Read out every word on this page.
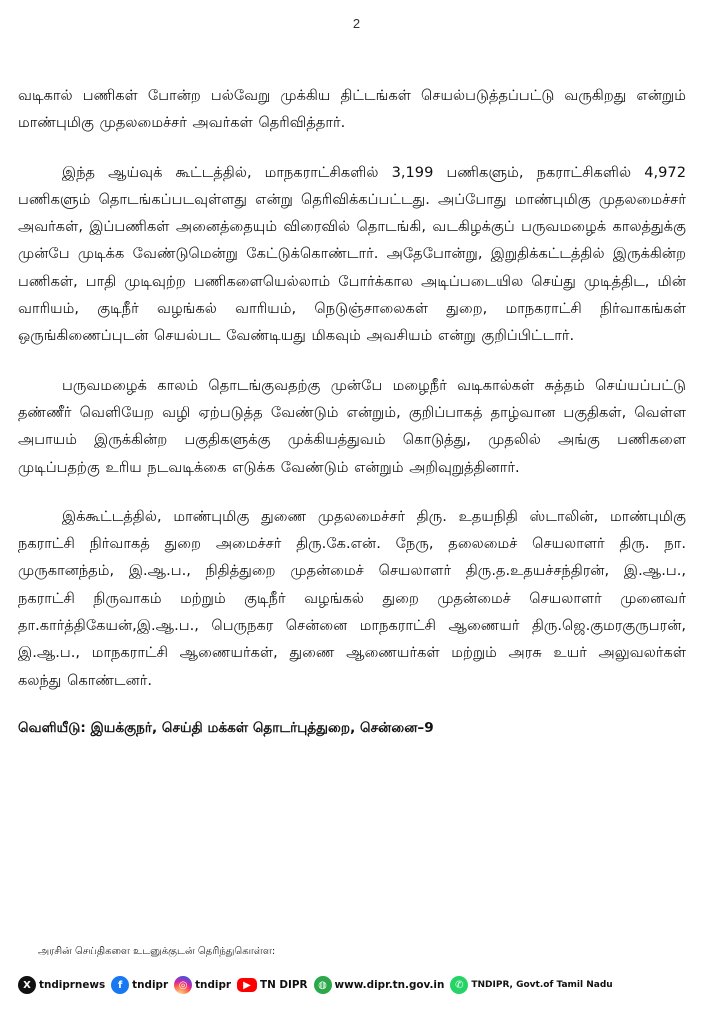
2

வடிகால் பணிகள் போன்ற பல்வேறு முக்கிய திட்டங்கள் செயல்படுத்தப்பட்டு வருகிறது என்றும் மாண்புமிகு முதலமைச்சர் அவர்கள் தெரிவித்தார்.

இந்த ஆய்வுக் கூட்டத்தில், மாநகராட்சிகளில் 3,199 பணிகளும், நகராட்சிகளில் 4,972 பணிகளும் தொடங்கப்படவுள்ளது என்று தெரிவிக்கப்பட்டது. அப்போது மாண்புமிகு முதலமைச்சர் அவர்கள், இப்பணிகள் அனைத்தையும் விரைவில் தொடங்கி, வடகிழக்குப் பருவமழைக் காலத்துக்கு முன்பே முடிக்க வேண்டுமென்று கேட்டுக்கொண்டார். அதேபோன்று, இறுதிக்கட்டத்தில் இருக்கின்ற பணிகள், பாதி முடிவுற்ற பணிகளையெல்லாம் போர்க்கால அடிப்படையில செய்து முடித்திட, மின் வாரியம், குடிநீர் வழங்கல் வாரியம், நெடுஞ்சாலைகள் துறை, மாநகராட்சி நிர்வாகங்கள் ஒருங்கிணைப்புடன் செயல்பட வேண்டியது மிகவும் அவசியம் என்று குறிப்பிட்டார்.

பருவமழைக் காலம் தொடங்குவதற்கு முன்பே மழைநீர் வடிகால்கள் சுத்தம் செய்யப்பட்டு தண்ணீர் வெளியேற வழி ஏற்படுத்த வேண்டும் என்றும், குறிப்பாகத் தாழ்வான பகுதிகள், வெள்ள அபாயம் இருக்கின்ற பகுதிகளுக்கு முக்கியத்துவம் கொடுத்து, முதலில் அங்கு பணிகளை முடிப்பதற்கு உரிய நடவடிக்கை எடுக்க வேண்டும் என்றும் அறிவுறுத்தினார்.

இக்கூட்டத்தில், மாண்புமிகு துணை முதலமைச்சர் திரு. உதயநிதி ஸ்டாலின், மாண்புமிகு நகராட்சி நிர்வாகத் துறை அமைச்சர் திரு.கே.என். நேரு, தலைமைச் செயலாளர் திரு. நா. முருகானந்தம், இ.ஆ.ப., நிதித்துறை முதன்மைச் செயலாளர் திரு.த.உதயச்சந்திரன், இ.ஆ.ப., நகராட்சி நிருவாகம் மற்றும் குடிநீர் வழங்கல் துறை முதன்மைச் செயலாளர் முனைவர் தா.கார்த்திகேயன்,இ.ஆ.ப., பெருநகர சென்னை மாநகராட்சி ஆணையர் திரு.ஜெ.குமரகுருபரன், இ.ஆ.ப., மாநகராட்சி ஆணையர்கள், துணை ஆணையர்கள் மற்றும் அரசு உயர் அலுவலர்கள் கலந்து கொண்டனர்.

வெளியீடு: இயக்குநர், செய்தி மக்கள் தொடர்புத்துறை, சென்னை–9

அரசின் செய்திகளை உடனுக்குடன் தெரிந்துகொள்ள:
X tndiprnews	f tndipr	◎ tndipr	▶ TN DIPR	◍ www.dipr.tn.gov.in	✆ TNDIPR, Govt.of Tamil Nadu
